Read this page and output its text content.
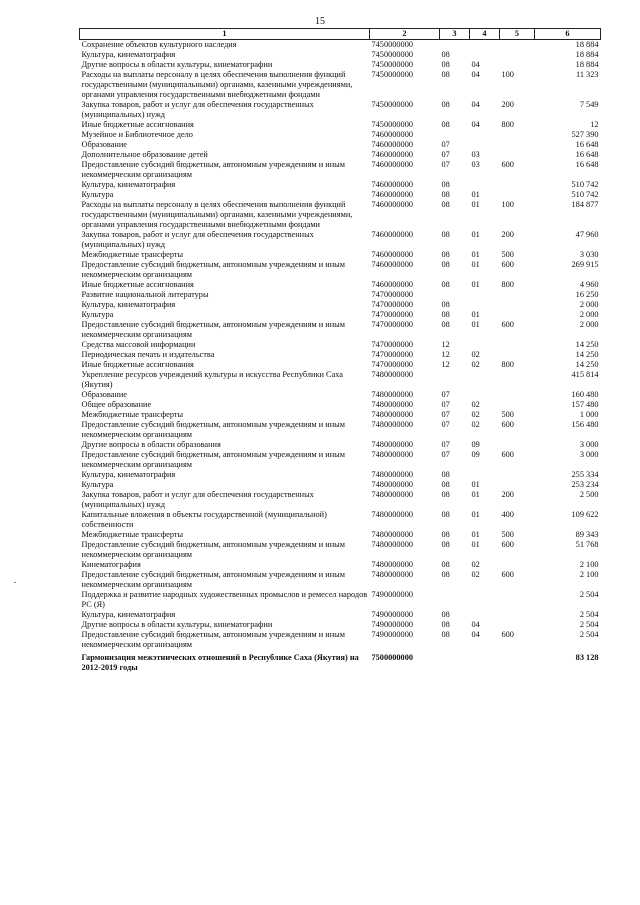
15
1	2	3	4	5	6
Сохранение объектов культурного наследия	7450000000				18 884
Культура, кинематография	7450000000	08			18 884
Другие вопросы в области культуры, кинематографии	7450000000	08	04		18 884
Расходы на выплаты персоналу в целях обеспечения выполнения функций государственными (муниципальными) органами, казенными учреждениями, органами управления государственными внебюджетными фондами	7450000000	08	04	100	11 323
Закупка товаров, работ и услуг для обеспечения государственных (муниципальных) нужд	7450000000	08	04	200	7 549
Иные бюджетные ассигнования	7450000000	08	04	800	12
Музейное и Библиотечное дело	7460000000				527 390
Образование	7460000000	07			16 648
Дополнительное образование детей	7460000000	07	03		16 648
Предоставление субсидий бюджетным, автономным учреждениям и иным некоммерческим организациям	7460000000	07	03	600	16 648
Культура, кинематография	7460000000	08			510 742
Культура	7460000000	08	01		510 742
Расходы на выплаты персоналу в целях обеспечения выполнения функций государственными (муниципальными) органами, казенными учреждениями, органами управления государственными внебюджетными фондами	7460000000	08	01	100	184 877
Закупка товаров, работ и услуг для обеспечения государственных (муниципальных) нужд	7460000000	08	01	200	47 960
Межбюджетные трансферты	7460000000	08	01	500	3 030
Предоставление субсидий бюджетным, автономным учреждениям и иным некоммерческим организациям	7460000000	08	01	600	269 915
Иные бюджетные ассигнования	7460000000	08	01	800	4 960
Развитие национальной литературы	7470000000				16 250
Культура, кинематография	7470000000	08			2 000
Культура	7470000000	08	01		2 000
Предоставление субсидий бюджетным, автономным учреждениям и иным некоммерческим организациям	7470000000	08	01	600	2 000
Средства массовой информации	7470000000	12			14 250
Периодическая печать и издательства	7470000000	12	02		14 250
Иные бюджетные ассигнования	7470000000	12	02	800	14 250
Укрепление ресурсов учреждений культуры и искусства Республики Саха (Якутия)	7480000000				415 814
Образование	7480000000	07			160 480
Общее образование	7480000000	07	02		157 480
Межбюджетные трансферты	7480000000	07	02	500	1 000
Предоставление субсидий бюджетным, автономным учреждениям и иным некоммерческим организациям	7480000000	07	02	600	156 480
Другие вопросы в области образования	7480000000	07	09		3 000
Предоставление субсидий бюджетным, автономным учреждениям и иным некоммерческим организациям	7480000000	07	09	600	3 000
Культура, кинематография	7480000000	08			255 334
Культура	7480000000	08	01		253 234
Закупка товаров, работ и услуг для обеспечения государственных (муниципальных) нужд	7480000000	08	01	200	2 500
Капитальные вложения в объекты государственной (муниципальной) собственности	7480000000	08	01	400	109 622
Межбюджетные трансферты	7480000000	08	01	500	89 343
Предоставление субсидий бюджетным, автономным учреждениям и иным некоммерческим организациям	7480000000	08	01	600	51 768
Кинематография	7480000000	08	02		2 100
Предоставление субсидий бюджетным, автономным учреждениям и иным некоммерческим организациям	7480000000	08	02	600	2 100
Поддержка и развитие народных художественных промыслов и ремесел народов РС (Я)	7490000000				2 504
Культура, кинематография	7490000000	08			2 504
Другие вопросы в области культуры, кинематографии	7490000000	08	04		2 504
Предоставление субсидий бюджетным, автономным учреждениям и иным некоммерческим организациям	7490000000	08	04	600	2 504
Гармонизация межэтнических отношений в Республике Саха (Якутия) на 2012-2019 годы	7500000000				83 128
